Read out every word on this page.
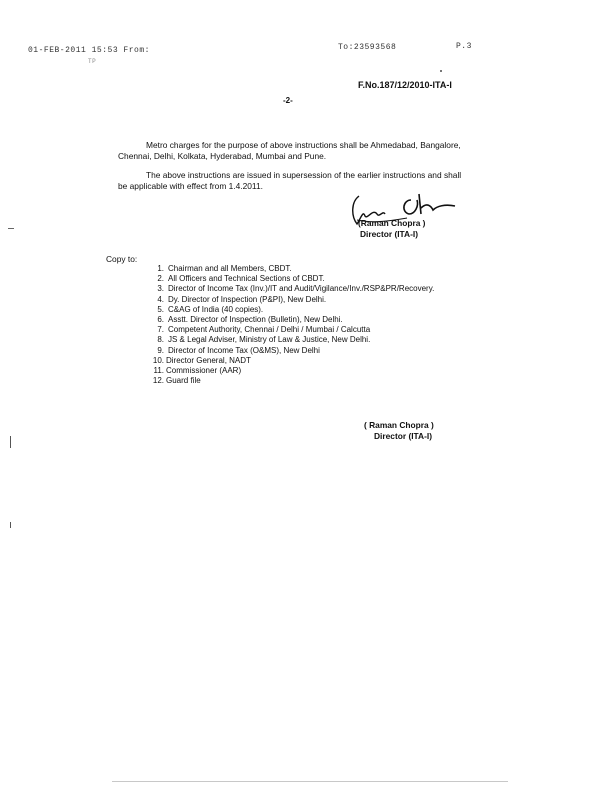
01-FEB-2011 15:53 From:
TP
To:23593568	P.3
F.No.187/12/2010-ITA-I
-2-
Metro charges for the purpose of above instructions shall be Ahmedabad, Bangalore, Chennai, Delhi, Kolkata, Hyderabad, Mumbai and Pune.
The above instructions are issued in supersession of the earlier instructions and shall be applicable with effect from 1.4.2011.
(Raman Chopra )
Director (ITA-I)
Copy to:
1. Chairman and all Members, CBDT.
2. All Officers and Technical Sections of CBDT.
3. Director of Income Tax (Inv.)/IT and Audit/Vigilance/Inv./RSP&PR/Recovery.
4. Dy. Director of Inspection (P&PI), New Delhi.
5. C&AG of India (40 copies).
6. Asstt. Director of Inspection (Bulletin), New Delhi.
7. Competent Authority, Chennai / Delhi / Mumbai / Calcutta
8. JS & Legal Adviser, Ministry of Law & Justice, New Delhi.
9. Director of Income Tax (O&MS), New Delhi
10. Director General, NADT
11. Commissioner (AAR)
12. Guard file
( Raman Chopra )
Director (ITA-I)
